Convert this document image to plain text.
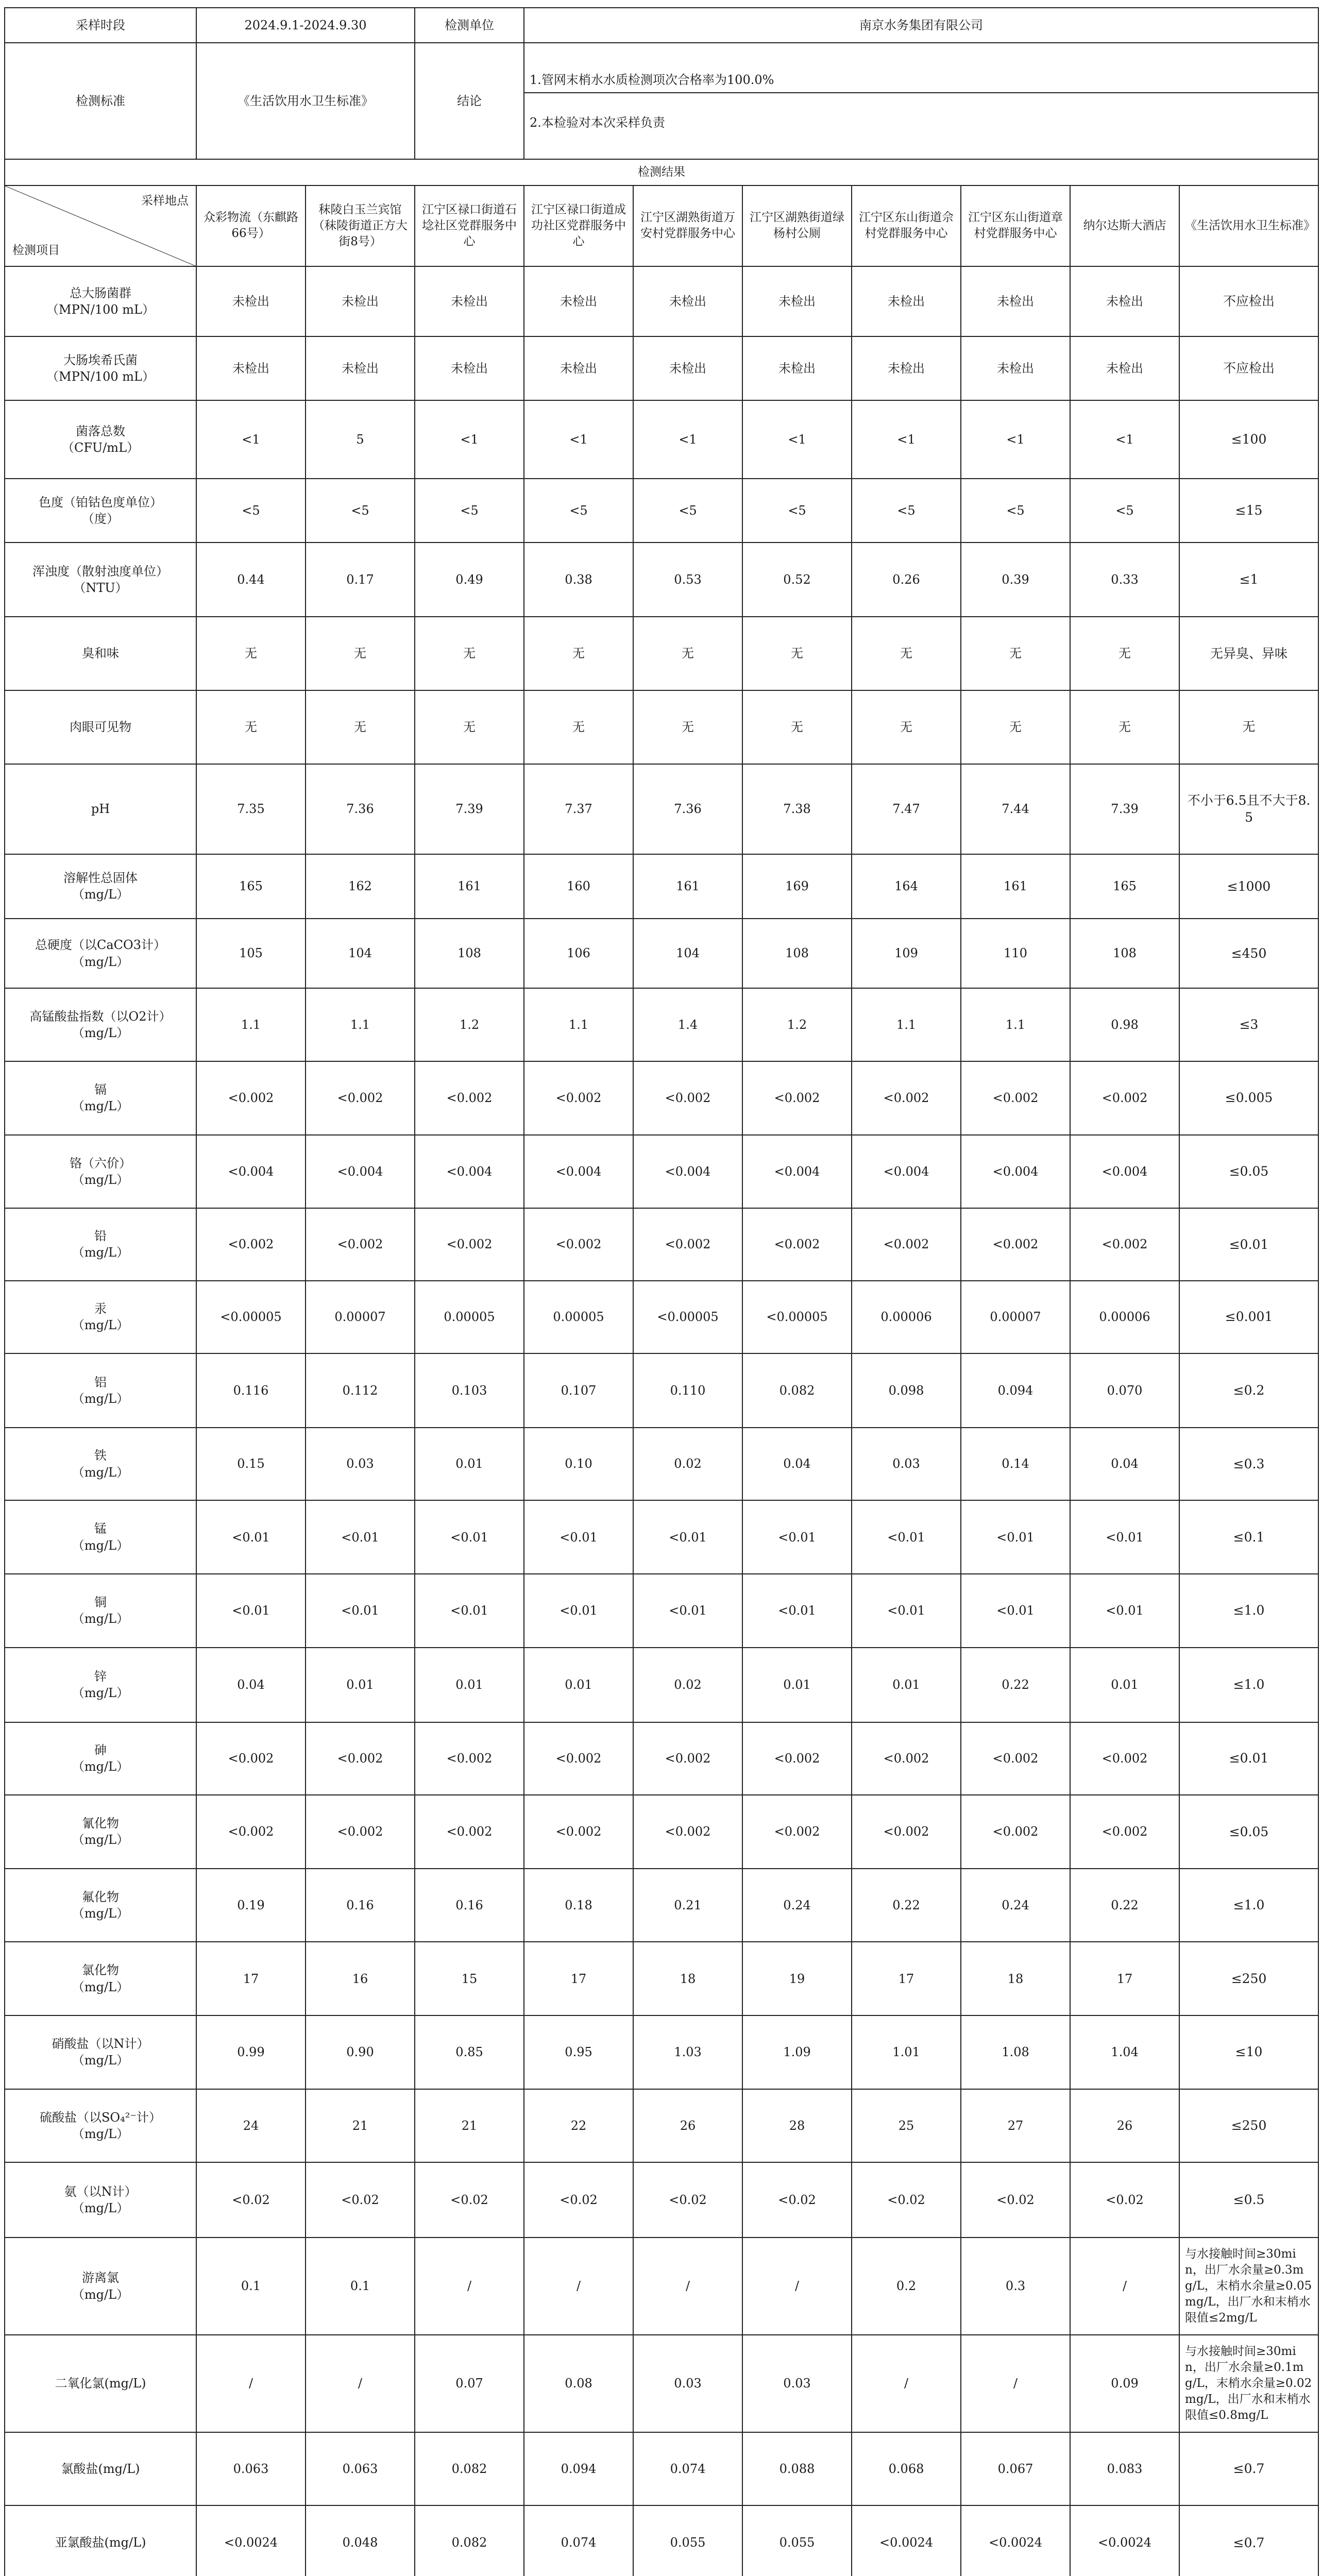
采样时段	2024.9.1-2024.9.30		检测单位	南京水务集团有限公司						
检测标准	《生活饮用水卫生标准》		结论	1.管网末梢水水质检测项次合格率为100.0%

2.本检验对本次采样负责						

检测结果										

采样地点

检测项目	众彩物流（东麒路66号）	秣陵白玉兰宾馆（秣陵街道正方大街8号）	江宁区禄口街道石埝社区党群服务中心	江宁区禄口街道成功社区党群服务中心	江宁区湖熟街道万安村党群服务中心	江宁区湖熟街道绿杨村公厕	江宁区东山街道佘村党群服务中心	江宁区东山街道章村党群服务中心	纳尔达斯大酒店	《生活饮用水卫生标准》
总大肠菌群
（MPN/100 mL）	未检出	未检出	未检出	未检出	未检出	未检出	未检出	未检出	未检出	不应检出
大肠埃希氏菌
（MPN/100 mL）	未检出	未检出	未检出	未检出	未检出	未检出	未检出	未检出	未检出	不应检出
菌落总数
（CFU/mL）	<1	5	<1	<1	<1	<1	<1	<1	<1	≤100
色度（铂钴色度单位）
（度）	<5	<5	<5	<5	<5	<5	<5	<5	<5	≤15
浑浊度（散射浊度单位）
（NTU）	0.44	0.17	0.49	0.38	0.53	0.52	0.26	0.39	0.33	≤1
臭和味	无	无	无	无	无	无	无	无	无	无异臭、异味
肉眼可见物	无	无	无	无	无	无	无	无	无	无
pH	7.35	7.36	7.39	7.37	7.36	7.38	7.47	7.44	7.39	不小于6.5且不大于8.5
溶解性总固体
（mg/L）	165	162	161	160	161	169	164	161	165	≤1000
总硬度（以CaCO3计）
（mg/L）	105	104	108	106	104	108	109	110	108	≤450
高锰酸盐指数（以O2计）
（mg/L）	1.1	1.1	1.2	1.1	1.4	1.2	1.1	1.1	0.98	≤3
镉
（mg/L）	<0.002	<0.002	<0.002	<0.002	<0.002	<0.002	<0.002	<0.002	<0.002	≤0.005
铬（六价）
（mg/L）	<0.004	<0.004	<0.004	<0.004	<0.004	<0.004	<0.004	<0.004	<0.004	≤0.05
铅
（mg/L）	<0.002	<0.002	<0.002	<0.002	<0.002	<0.002	<0.002	<0.002	<0.002	≤0.01
汞
（mg/L）	<0.00005	0.00007	0.00005	0.00005	<0.00005	<0.00005	0.00006	0.00007	0.00006	≤0.001
铝
（mg/L）	0.116	0.112	0.103	0.107	0.110	0.082	0.098	0.094	0.070	≤0.2
铁
（mg/L）	0.15	0.03	0.01	0.10	0.02	0.04	0.03	0.14	0.04	≤0.3
锰
（mg/L）	<0.01	<0.01	<0.01	<0.01	<0.01	<0.01	<0.01	<0.01	<0.01	≤0.1
铜
（mg/L）	<0.01	<0.01	<0.01	<0.01	<0.01	<0.01	<0.01	<0.01	<0.01	≤1.0
锌
（mg/L）	0.04	0.01	0.01	0.01	0.02	0.01	0.01	0.22	0.01	≤1.0
砷
（mg/L）	<0.002	<0.002	<0.002	<0.002	<0.002	<0.002	<0.002	<0.002	<0.002	≤0.01
氰化物
（mg/L）	<0.002	<0.002	<0.002	<0.002	<0.002	<0.002	<0.002	<0.002	<0.002	≤0.05
氟化物
（mg/L）	0.19	0.16	0.16	0.18	0.21	0.24	0.22	0.24	0.22	≤1.0
氯化物
（mg/L）	17	16	15	17	18	19	17	18	17	≤250
硝酸盐（以N计）
（mg/L）	0.99	0.90	0.85	0.95	1.03	1.09	1.01	1.08	1.04	≤10
硫酸盐（以SO₄²⁻计）
（mg/L）	24	21	21	22	26	28	25	27	26	≤250
氨（以N计）
（mg/L）	<0.02	<0.02	<0.02	<0.02	<0.02	<0.02	<0.02	<0.02	<0.02	≤0.5
游离氯
（mg/L）	0.1	0.1	/	/	/	/	0.2	0.3	/	与水接触时间≥30min，出厂水余量≥0.3mg/L，末梢水余量≥0.05mg/L，出厂水和末梢水限值≤2mg/L
二氧化氯(mg/L)	/	/	0.07	0.08	0.03	0.03	/	/	0.09	与水接触时间≥30min，出厂水余量≥0.1mg/L，末梢水余量≥0.02mg/L，出厂水和末梢水限值≤0.8mg/L
氯酸盐(mg/L)	0.063	0.063	0.082	0.094	0.074	0.088	0.068	0.067	0.083	≤0.7
亚氯酸盐(mg/L)	<0.0024	0.048	0.082	0.074	0.055	0.055	<0.0024	<0.0024	<0.0024	≤0.7
